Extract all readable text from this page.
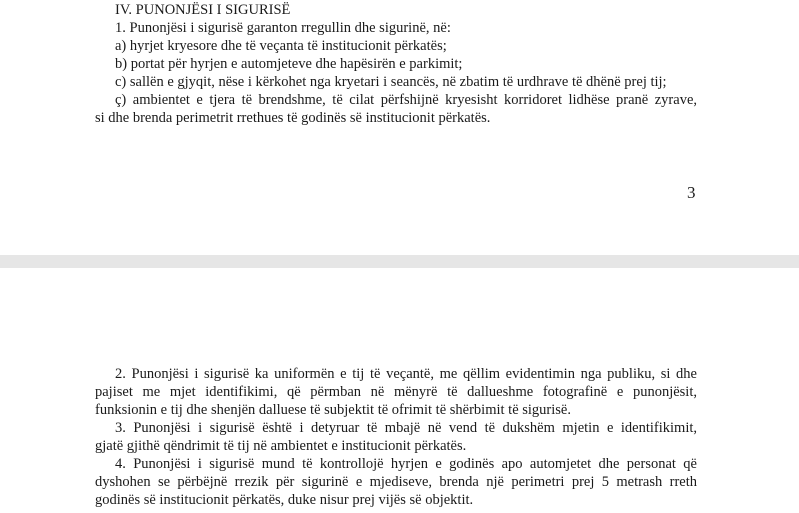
IV. PUNONJËSI I SIGURISË
1. Punonjësi i sigurisë garanton rregullin dhe sigurinë, në:
a) hyrjet kryesore dhe të veçanta të institucionit përkatës;
b) portat për hyrjen e automjeteve dhe hapësirën e parkimit;
c) sallën e gjyqit, nëse i kërkohet nga kryetari i seancës, në zbatim të urdhrave të dhënë prej tij;
ç) ambientet e tjera të brendshme, të cilat përfshijnë kryesisht korridoret lidhëse pranë zyrave,
si dhe brenda perimetrit rrethues të godinës së institucionit përkatës.
3
2. Punonjësi i sigurisë ka uniformën e tij të veçantë, me qëllim evidentimin nga publiku, si dhe
pajiset me mjet identifikimi, që përmban në mënyrë të dallueshme fotografinë e punonjësit,
funksionin e tij dhe shenjën dalluese të subjektit të ofrimit të shërbimit të sigurisë.
3. Punonjësi i sigurisë është i detyruar të mbajë në vend të dukshëm mjetin e identifikimit,
gjatë gjithë qëndrimit të tij në ambientet e institucionit përkatës.
4. Punonjësi i sigurisë mund të kontrollojë hyrjen e godinës apo automjetet dhe personat që
dyshohen se përbëjnë rrezik për sigurinë e mjediseve, brenda një perimetri prej 5 metrash rreth
godinës së institucionit përkatës, duke nisur prej vijës së objektit.
